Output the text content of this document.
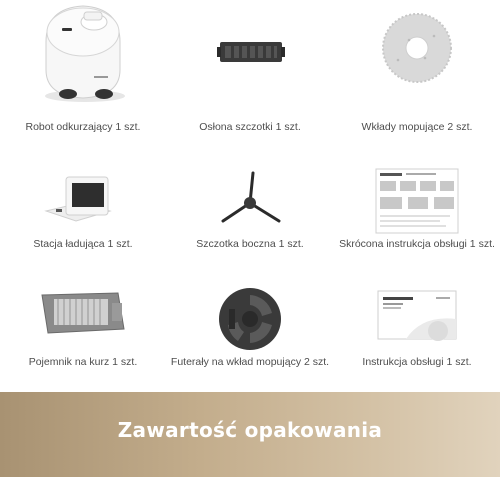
Robot odkurzający 1 szt.	Osłona szczotki 1 szt.	Wkłady mopujące 2 szt.
Stacja ładująca 1 szt.	Szczotka boczna 1 szt.	Skrócona instrukcja obsługi 1 szt.
Pojemnik na kurz 1 szt.	Futerały na wkład mopujący 2 szt.	Instrukcja obsługi 1 szt.
Zawartość opakowania
